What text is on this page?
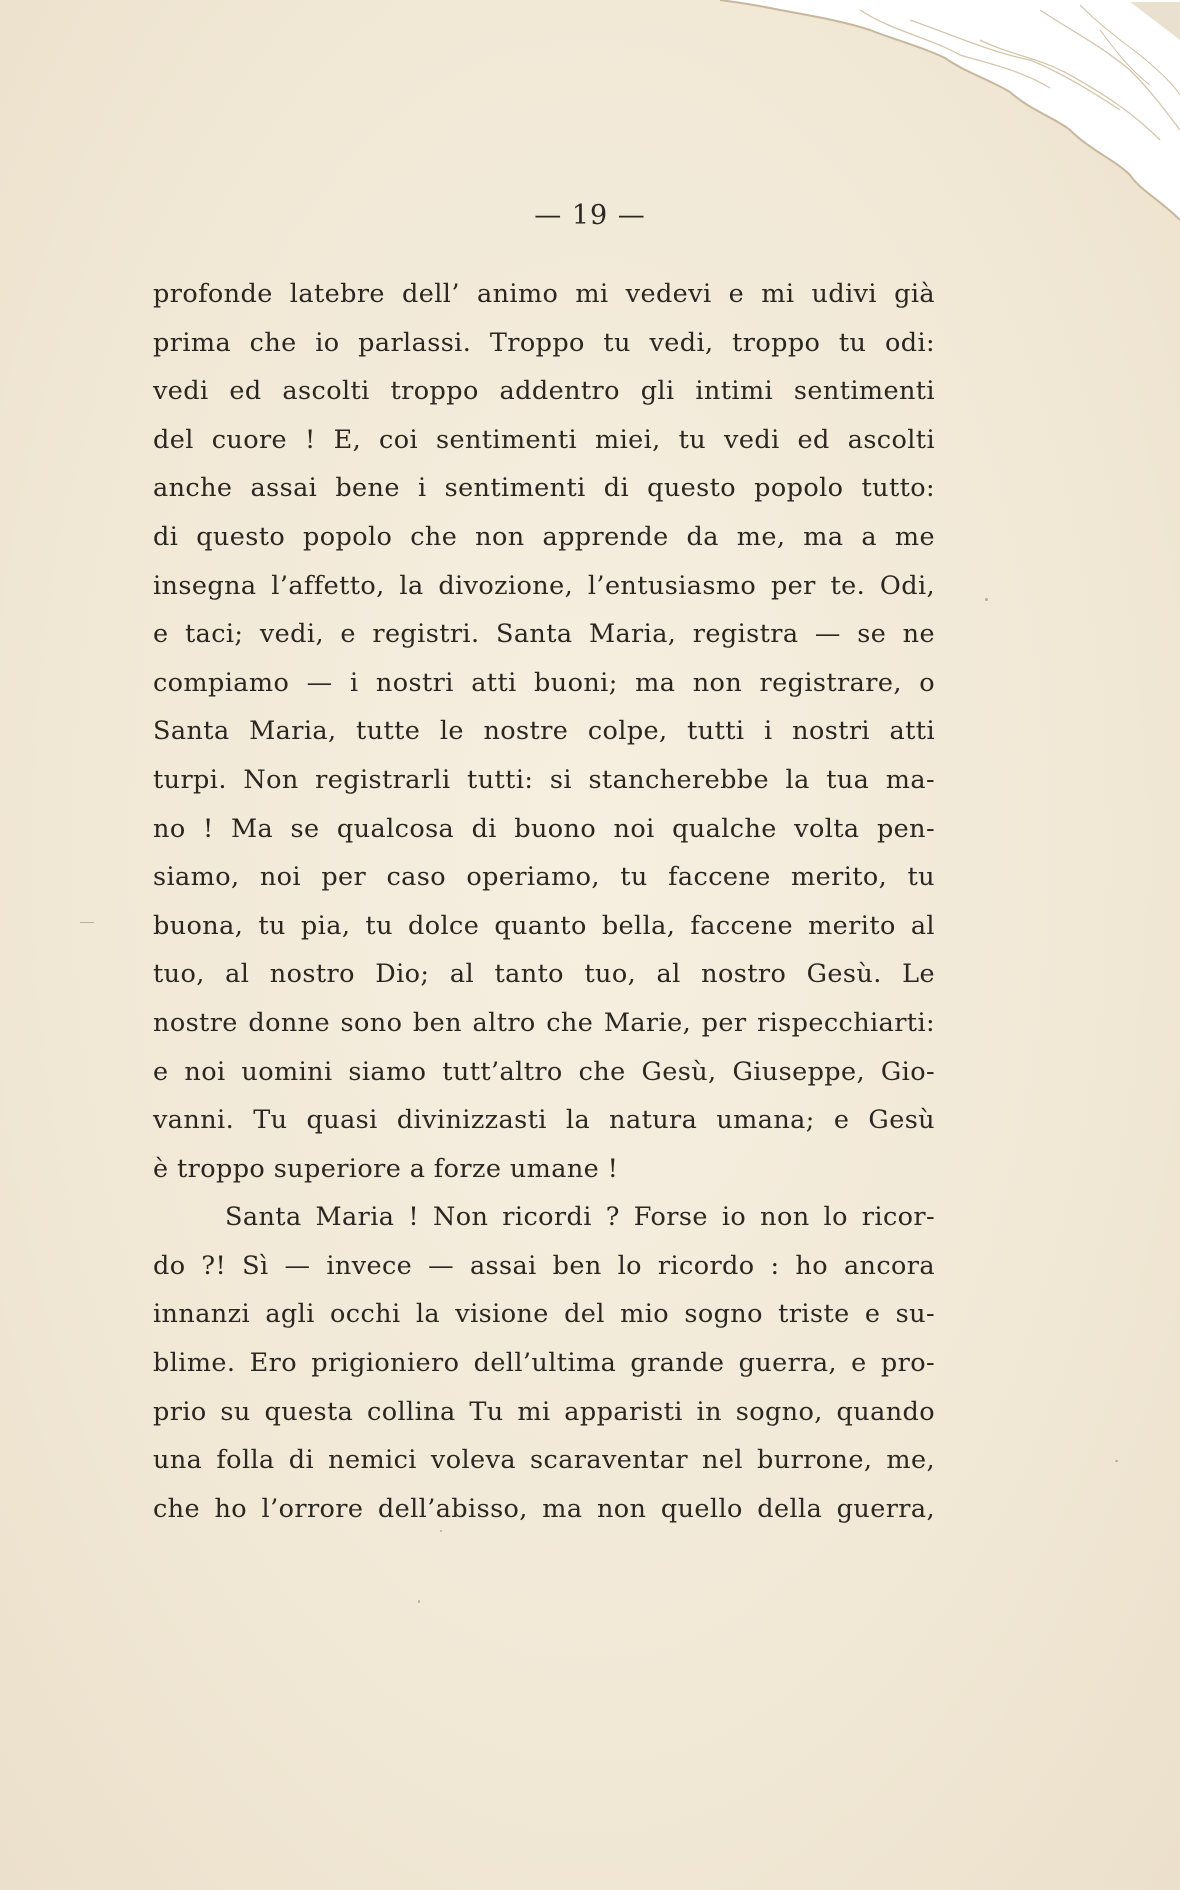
— 19 —
profonde latebre dell’ animo mi vedevi e mi udivi già
prima che io parlassi. Troppo tu vedi, troppo tu odi:
vedi ed ascolti troppo addentro gli intimi sentimenti
del cuore ! E, coi sentimenti miei, tu vedi ed ascolti
anche assai bene i sentimenti di questo popolo tutto:
di questo popolo che non apprende da me, ma a me
insegna l’affetto, la divozione, l’entusiasmo per te. Odi,
e taci; vedi, e registri. Santa Maria, registra — se ne
compiamo — i nostri atti buoni; ma non registrare, o
Santa Maria, tutte le nostre colpe, tutti i nostri atti
turpi. Non registrarli tutti: si stancherebbe la tua ma-
no ! Ma se qualcosa di buono noi qualche volta pen-
siamo, noi per caso operiamo, tu faccene merito, tu
buona, tu pia, tu dolce quanto bella, faccene merito al
tuo, al nostro Dio; al tanto tuo, al nostro Gesù. Le
nostre donne sono ben altro che Marie, per rispecchiarti:
e noi uomini siamo tutt’altro che Gesù, Giuseppe, Gio-
vanni. Tu quasi divinizzasti la natura umana; e Gesù
è troppo superiore a forze umane !
Santa Maria ! Non ricordi ? Forse io non lo ricor-
do ?! Sì — invece — assai ben lo ricordo : ho ancora
innanzi agli occhi la visione del mio sogno triste e su-
blime. Ero prigioniero dell’ultima grande guerra, e pro-
prio su questa collina Tu mi apparisti in sogno, quando
una folla di nemici voleva scaraventar nel burrone, me,
che ho l’orrore dell’abisso, ma non quello della guerra,
